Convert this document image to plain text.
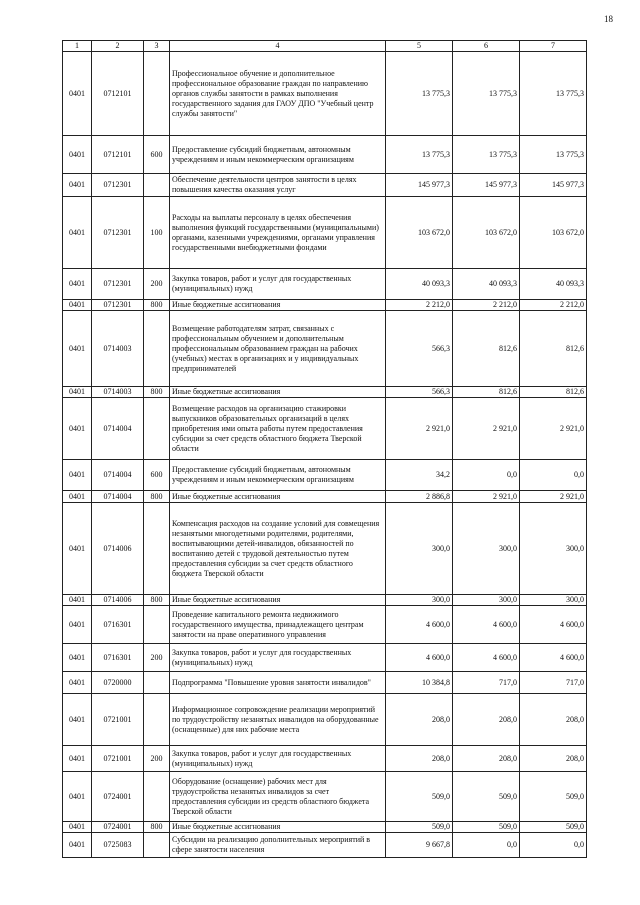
18
1	2	3	4	5	6	7
0401	0712101		Профессиональное обучение и дополнительное профессиональное образование граждан по направлению органов службы занятости в рамках выполнения государственного задания для ГАОУ ДПО "Учебный центр службы занятости"	13 775,3	13 775,3	13 775,3
0401	0712101	600	Предоставление субсидий бюджетным, автономным учреждениям и иным некоммерческим организациям	13 775,3	13 775,3	13 775,3
0401	0712301		Обеспечение деятельности центров занятости в целях повышения качества оказания услуг	145 977,3	145 977,3	145 977,3
0401	0712301	100	Расходы на выплаты персоналу в целях обеспечения выполнения функций государственными (муниципальными) органами, казенными учреждениями, органами управления государственными внебюджетными фондами	103 672,0	103 672,0	103 672,0
0401	0712301	200	Закупка товаров, работ и услуг для государственных (муниципальных) нужд	40 093,3	40 093,3	40 093,3
0401	0712301	800	Иные бюджетные ассигнования	2 212,0	2 212,0	2 212,0
0401	0714003		Возмещение работодателям затрат, связанных с профессиональным обучением и дополнительным профессиональным образованием граждан на рабочих (учебных) местах в организациях и у индивидуальных предпринимателей	566,3	812,6	812,6
0401	0714003	800	Иные бюджетные ассигнования	566,3	812,6	812,6
0401	0714004		Возмещение расходов на организацию стажировки выпускников образовательных организаций в целях приобретения ими опыта работы путем предоставления субсидии за счет средств областного бюджета Тверской области	2 921,0	2 921,0	2 921,0
0401	0714004	600	Предоставление субсидий бюджетным, автономным учреждениям и иным некоммерческим организациям	34,2	0,0	0,0
0401	0714004	800	Иные бюджетные ассигнования	2 886,8	2 921,0	2 921,0
0401	0714006		Компенсация расходов на создание условий для совмещения незанятыми многодетными родителями, родителями, воспитывающими детей-инвалидов, обязанностей по воспитанию детей с трудовой деятельностью путем предоставления субсидии за счет средств областного бюджета Тверской области	300,0	300,0	300,0
0401	0714006	800	Иные бюджетные ассигнования	300,0	300,0	300,0
0401	0716301		Проведение капитального ремонта недвижимого государственного имущества, принадлежащего центрам занятости на праве оперативного управления	4 600,0	4 600,0	4 600,0
0401	0716301	200	Закупка товаров, работ и услуг для государственных (муниципальных) нужд	4 600,0	4 600,0	4 600,0
0401	0720000		Подпрограмма "Повышение уровня занятости инвалидов"	10 384,8	717,0	717,0
0401	0721001		Информационное сопровождение реализации мероприятий по трудоустройству незанятых инвалидов на оборудованные (оснащенные) для них рабочие места	208,0	208,0	208,0
0401	0721001	200	Закупка товаров, работ и услуг для государственных (муниципальных) нужд	208,0	208,0	208,0
0401	0724001		Оборудование (оснащение) рабочих мест для трудоустройства незанятых инвалидов за счет предоставления субсидии из средств областного бюджета Тверской области	509,0	509,0	509,0
0401	0724001	800	Иные бюджетные ассигнования	509,0	509,0	509,0
0401	0725083		Субсидии на реализацию дополнительных мероприятий в сфере занятости населения	9 667,8	0,0	0,0
